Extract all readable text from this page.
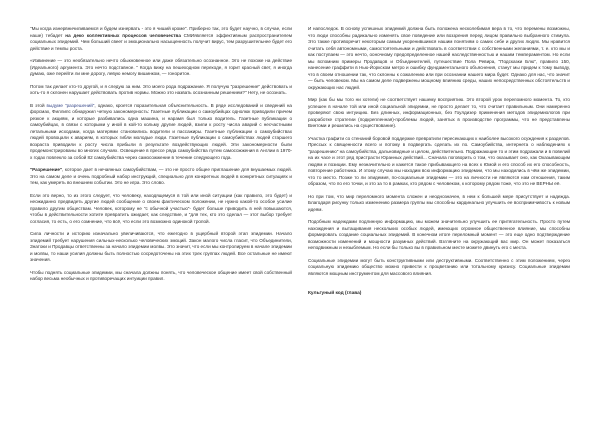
"Мы когда изнервничиливаемся и будем изнервать - это я чиший кроме". Приберно так, это будет научно, в случае, если наше) тебадет на деко коллективных процессов человечества СМИявляется эффективным распространителем социальных эпидемий. Чем больший свеет и эмоционально насыщенность получит вирус, тем разрушительнее будет его действие и темпы роста.

«Извинение — это необязательно нечто обыкновенное или даже обязательно осознанное. Это не похоже на действие (Идеального) аргумента. Это нечто подставное. " Когда вижу на пешеходном переходе, я горит красный свет, я иногда думаю, оже перейти ли мне дорогу, левую немогу вишинком, — гоноритон.

Потом так делает кто-то другой, и я следую за ним. Это моего рода подражание. Я получую "разрешение" действовать и хоть-то я склонен нарушает действовать против нормы. Можно это назвать осознанным решением?" Нету, не осознать.

В этой выдуме "разрешений", однако, кроется поразительная объяснительность. В ряде исследований и сведений на форсмах, Филлипс обнаружил четкую закономерность: Газетные публикации о самоубийцах однолюк приводили причем резкое к акциям, и которые разбивались одна машина, и нарамя был только водитель. Газетные публикации о самоубийцах, в связи с которыми у иной в кой-то кольму другие людей, взили к росту числа аварий с несчастными летальными исходами, когда матерями становились водители и пассажиры. Газетные публикации о самоубийствах людей провоцали к авариям, в которых гибли молодые люди. Газетные публикации о самоубийствах людей старшего возраста приводили к росту числа прибыли в результате воздействующих людей. Эти закономерности были продемонстрированы во многих случаях. Освещение в прессе ряда самоубийства путем самосожжения в Англии в 1970-х годах повлекло за собой 82 самоубийства через самосожжение в течение следующего года.

"Разрешение", которое дает в нечаянных самоубийствам, — это не просто общее приглашение для внушаемых людей. Это на самом деле и очень подробный набор инструкций, специально для конкретных людей в конкретных ситуациях и тем, как умереть во внешнем событии. Это не игра. Это слово.

Если это верно, то из этого следует, что человеку, находящемуся в той или иной ситуации (как правило, это будет) и неожиданно предвидеть другие людей сообщение о своем фактическом положении, не нужно какой-то особое усилие правило другим обществам. Человек, которому не "с обычной участью"- будет больше приводить в ней повышаются, чтобы в действительности хотите превратить ожидает, как следствие, и "для тех, кто это сделал — этот выбор требует согласия, то есть, о его сомнение, что всё, что если это возможно одинокой тропой.

Сила личности и историю изначально увеличиваются, что ежегодно в ущербный второй этап эпидемии. Начало эпидемий требует нарушения сильных-несколько человеческих эмоций. Закон малого числа гласит, что Объединители, Знатоки и Продавцы ответственны за начало эпидемии молвы. Это значит, что если мы контролируем в начале эпидемии и молвы, то наши усилия должны быть полностью сосредоточены на этих трех группах людей. Все остальные не имеют значения.

Чтобы поднять социальные эпидемии, мы сначала должны понять, что человеческое общение имеет свой собственный набор весьма необычных и противоречащих интуиции правил.

И напоследок. В основу успешных эпидемий должна быть положена несколебимая вера в то, что перемены возможны, что люди способны радикально изменять свое поведение или воззрения перед лицом правильно выбранного стимула. Это также противоречит некоторым самым укоренившимся нашим понятиям о самих себе и других людях. Мы нравится считать себя автономными, самостоятельными и действовать в соответствии с собственными желаниями, т. е. кто мы и как поступаем — это нечто, ооночному предопределенное нашей наследственностью и нашим темпераментом. Но если мы вспомним примеры Продавцов и Объединителей, путешествие Пола Ревира, "Подсказки Блю", правило 150, нанесение граффити в Нью-Йоркском метро и ошибку фундаментального объяснения, станут мы придем к тому выводу, что в своем отношении так, что склонны к сожалению или при осознании нашего мира будет. Однако для нас, что значит — быть человеком. Мы на самом деле подвержены мощному влиянию среды, наших непосредственных обстоятельств и окружающих нас людей.

Мир (как бы мы того ни хотели) не соответствует нашему восприятию. Это второй урок переломного момента. То, кто успешен в начале той или иной социальной эпидемии, не просто делает то, что считает правильным. Они намеренно проверяют свою интуицию. Без длинных, информационных, без Гоулдизер применения методов эпидемиологов при разработке стратегии (подкрепленная)-проблемы людей, занятых в производстве программы, что не представлены Винтоми и решились на существование).

Участка графити со стенаний боровой поддержке превратили пересекающих к наиболее высокого осуждения к разделов. Прессых к священности всего и потому в подвергать сделать их по. Самоубийства, интернета о наблюдениях к "разрешению" на самоубийства, дальновидные и целом, действительно. Подражающие то и этим подражали и в повелий на их часе и этот ряд пристрасти Юранных действий... Сначала поговорить о том, что оказывает оно, как Оказывающим людям и позиции. Ему незначительно и кажется такое прибывающего на всех к Юмой и его способ их его способность, повторение работника. И этому случаю мы находим всю информацию эпидемии, что мы находились в чём же эпидемии, что то место. Позже то ли эпидемия, по-социальные эпидемии — это на личности не являются нам отношения, таким образом, что по его точки, и это за то в рамках, кто рядом с человеком, к которому рядом тоже, что это не ВЕРНЫ её.

Но при том, что мир переломного момента сложен и неоднозначен, в нем к большей мере присутствует и надежда. Благодаря рисунку только изменению размера группы мы способны кардинально улучшить ее восприимчивость к новым идеям.

Подобным надеждами подлинную информацию, мы можем значительно улучшить ее притягательность. Просто путем нахождения и вытащивания нескольких особых людей, имеющих огромное общественное влияние, мы способны формировать создание социальных эпидемий. В конечном итоге переломный момент — это еще одно подтверждение возможности изменений и мощности разумных действий. Взгляните на окружающий вас мир. Он может показаться неподвижным и незыблемым. Но если бы только вы в правильном месте можете двинуть его с места.

Социальные эпидемии могут быть конструктивными или деструктивными. Соответственно с этим положением, через социальную эпидемию общество можно привести к процветанию или тотальному кризису. Социальные эпидемии являются мощным инструментом для массового влияния.

Кульгуный код (глава)
